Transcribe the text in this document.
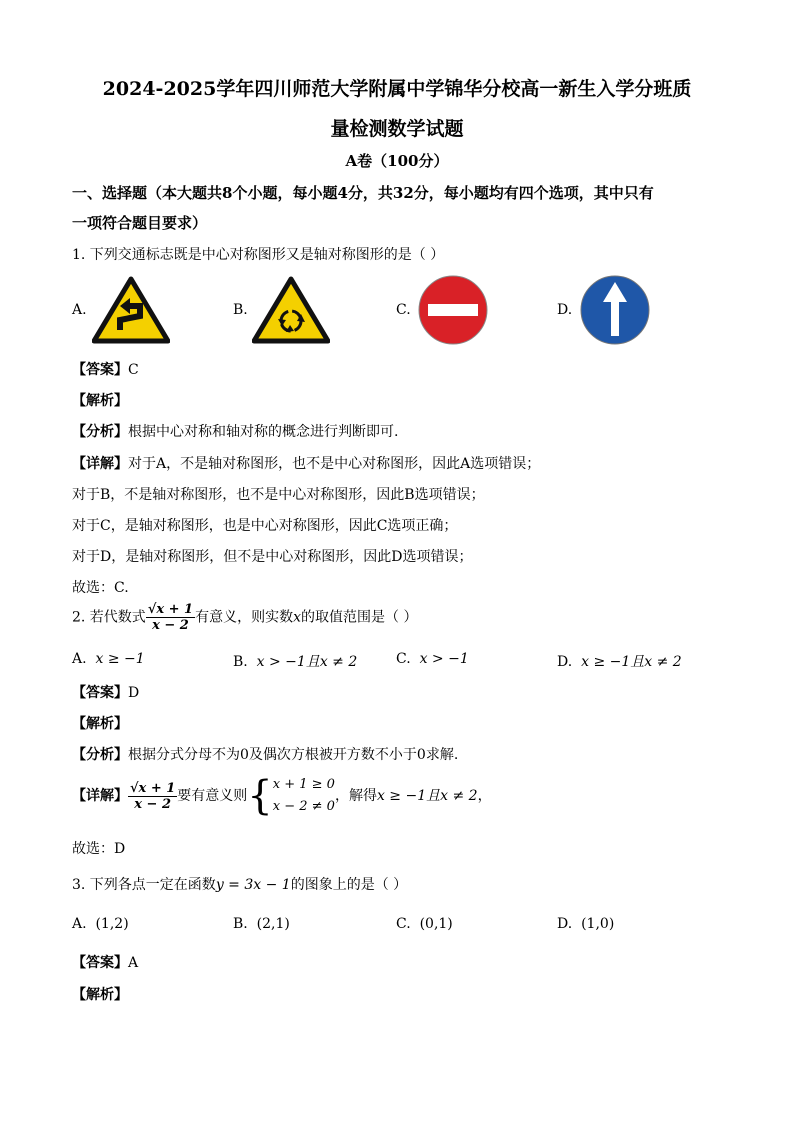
2024-2025学年四川师范大学附属中学锦华分校高一新生入学分班质
量检测数学试题
A卷（100分）
一、选择题（本大题共8个小题，每小题4分，共32分，每小题均有四个选项，其中只有
一项符合题目要求）
1. 下列交通标志既是中心对称图形又是轴对称图形的是（ ）
A.	B.	C.	D.
【答案】C
【解析】
【分析】根据中心对称和轴对称的概念进行判断即可.
【详解】对于A，不是轴对称图形，也不是中心对称图形，因此A选项错误；
对于B，不是轴对称图形，也不是中心对称图形，因此B选项错误；
对于C，是轴对称图形，也是中心对称图形，因此C选项正确；
对于D，是轴对称图形，但不是中心对称图形，因此D选项错误；
故选：C.
2. 若代数式 $\frac{√x + 1}{x - 2}$ 有意义，则实数x的取值范围是（ ）
A. x ≥ −1	B. x > −1且x ≠ 2	C. x > −1	D. x ≥ −1且x ≠ 2
【答案】D
【解析】
【分析】根据分式分母不为0及偶次方根被开方数不小于0求解.
【详解】 $\frac{√x + 1}{x - 2}$ 要有意义则{ x + 1 ≥ 0
x − 2 ≠ 0
，解得x ≥ −1且x ≠ 2，
故选：D
3. 下列各点一定在函数y = 3x − 1的图象上的是（ ）
A. (1,2)	B. (2,1)	C. (0,1)	D. (1,0)
【答案】A
【解析】
